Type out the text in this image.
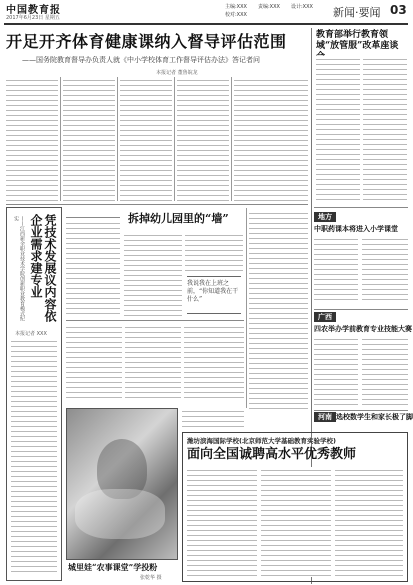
中国教育报
2017年6月23日 星期五
主编:XXX 责编:XXX 设计:XXX
校对:XXX	新闻·要闻 03
开足开齐体育健康课纳入督导评估范围
——国务院教育督导办负责人就《中小学校体育工作督导评估办法》答记者问
本报记者 董鲁皖龙
教育部举行教育领域“放管服”改革座谈
凭技术发展议内容依企业需求建专业
——江西新余职业技术学院创新职业教育模式纪实
本报记者 XXX
拆掉幼儿园里的“墙”
我说我在上班之前，“你知道我在干什么”
城里娃“农事课堂”学投粉
张乾华 摄
潍坊滨海国际学校(北京师范大学基础教育实验学校)
面向全国诚聘高水平优秀教师
地方
中职药课本将进入小学课堂
广西
四农举办学前教育专业技能大赛
河南 选校数学生和家长极了脚
